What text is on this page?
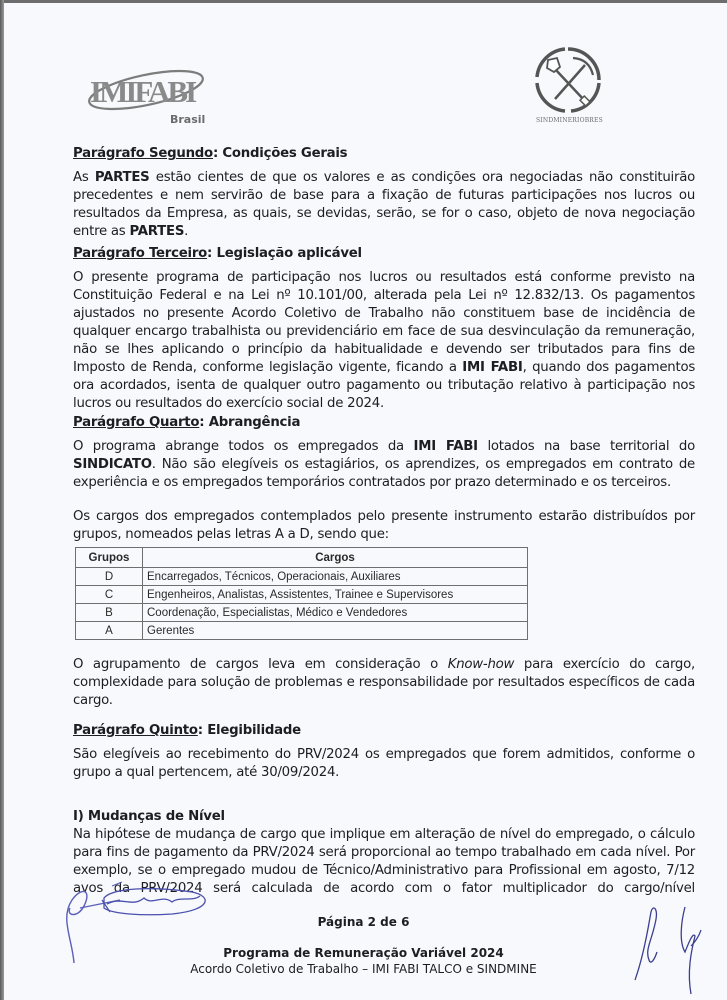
IMIFABI
Brasil	SINDMINERIOBRES
Parágrafo Segundo: Condições Gerais

As PARTES estão cientes de que os valores e as condições ora negociadas não constituirão precedentes e nem servirão de base para a fixação de futuras participações nos lucros ou resultados da Empresa, as quais, se devidas, serão, se for o caso, objeto de nova negociação entre as PARTES.

Parágrafo Terceiro: Legislação aplicável

O presente programa de participação nos lucros ou resultados está conforme previsto na Constituição Federal e na Lei nº 10.101/00, alterada pela Lei nº 12.832/13. Os pagamentos ajustados no presente Acordo Coletivo de Trabalho não constituem base de incidência de qualquer encargo trabalhista ou previdenciário em face de sua desvinculação da remuneração, não se lhes aplicando o princípio da habitualidade e devendo ser tributados para fins de Imposto de Renda, conforme legislação vigente, ficando a IMI FABI, quando dos pagamentos ora acordados, isenta de qualquer outro pagamento ou tributação relativo à participação nos lucros ou resultados do exercício social de 2024.

Parágrafo Quarto: Abrangência

O programa abrange todos os empregados da IMI FABI lotados na base territorial do SINDICATO. Não são elegíveis os estagiários, os aprendizes, os empregados em contrato de experiência e os empregados temporários contratados por prazo determinado e os terceiros.

Os cargos dos empregados contemplados pelo presente instrumento estarão distribuídos por grupos, nomeados pelas letras A a D, sendo que:

Grupos	Cargos
D	Encarregados, Técnicos, Operacionais, Auxiliares
C	Engenheiros, Analistas, Assistentes, Trainee e Supervisores
B	Coordenação, Especialistas, Médico e Vendedores
A	Gerentes

O agrupamento de cargos leva em consideração o Know-how para exercício do cargo, complexidade para solução de problemas e responsabilidade por resultados específicos de cada cargo.

Parágrafo Quinto: Elegibilidade

São elegíveis ao recebimento do PRV/2024 os empregados que forem admitidos, conforme o grupo a qual pertencem, até 30/09/2024.

I) Mudanças de Nível

Na hipótese de mudança de cargo que implique em alteração de nível do empregado, o cálculo para fins de pagamento da PRV/2024 será proporcional ao tempo trabalhado em cada nível. Por exemplo, se o empregado mudou de Técnico/Administrativo para Profissional em agosto, 7/12 avos da PRV/2024 será calculada de acordo com o fator multiplicador do cargo/nível

Página 2 de 6
Programa de Remuneração Variável 2024
Acordo Coletivo de Trabalho – IMI FABI TALCO e SINDMINE
